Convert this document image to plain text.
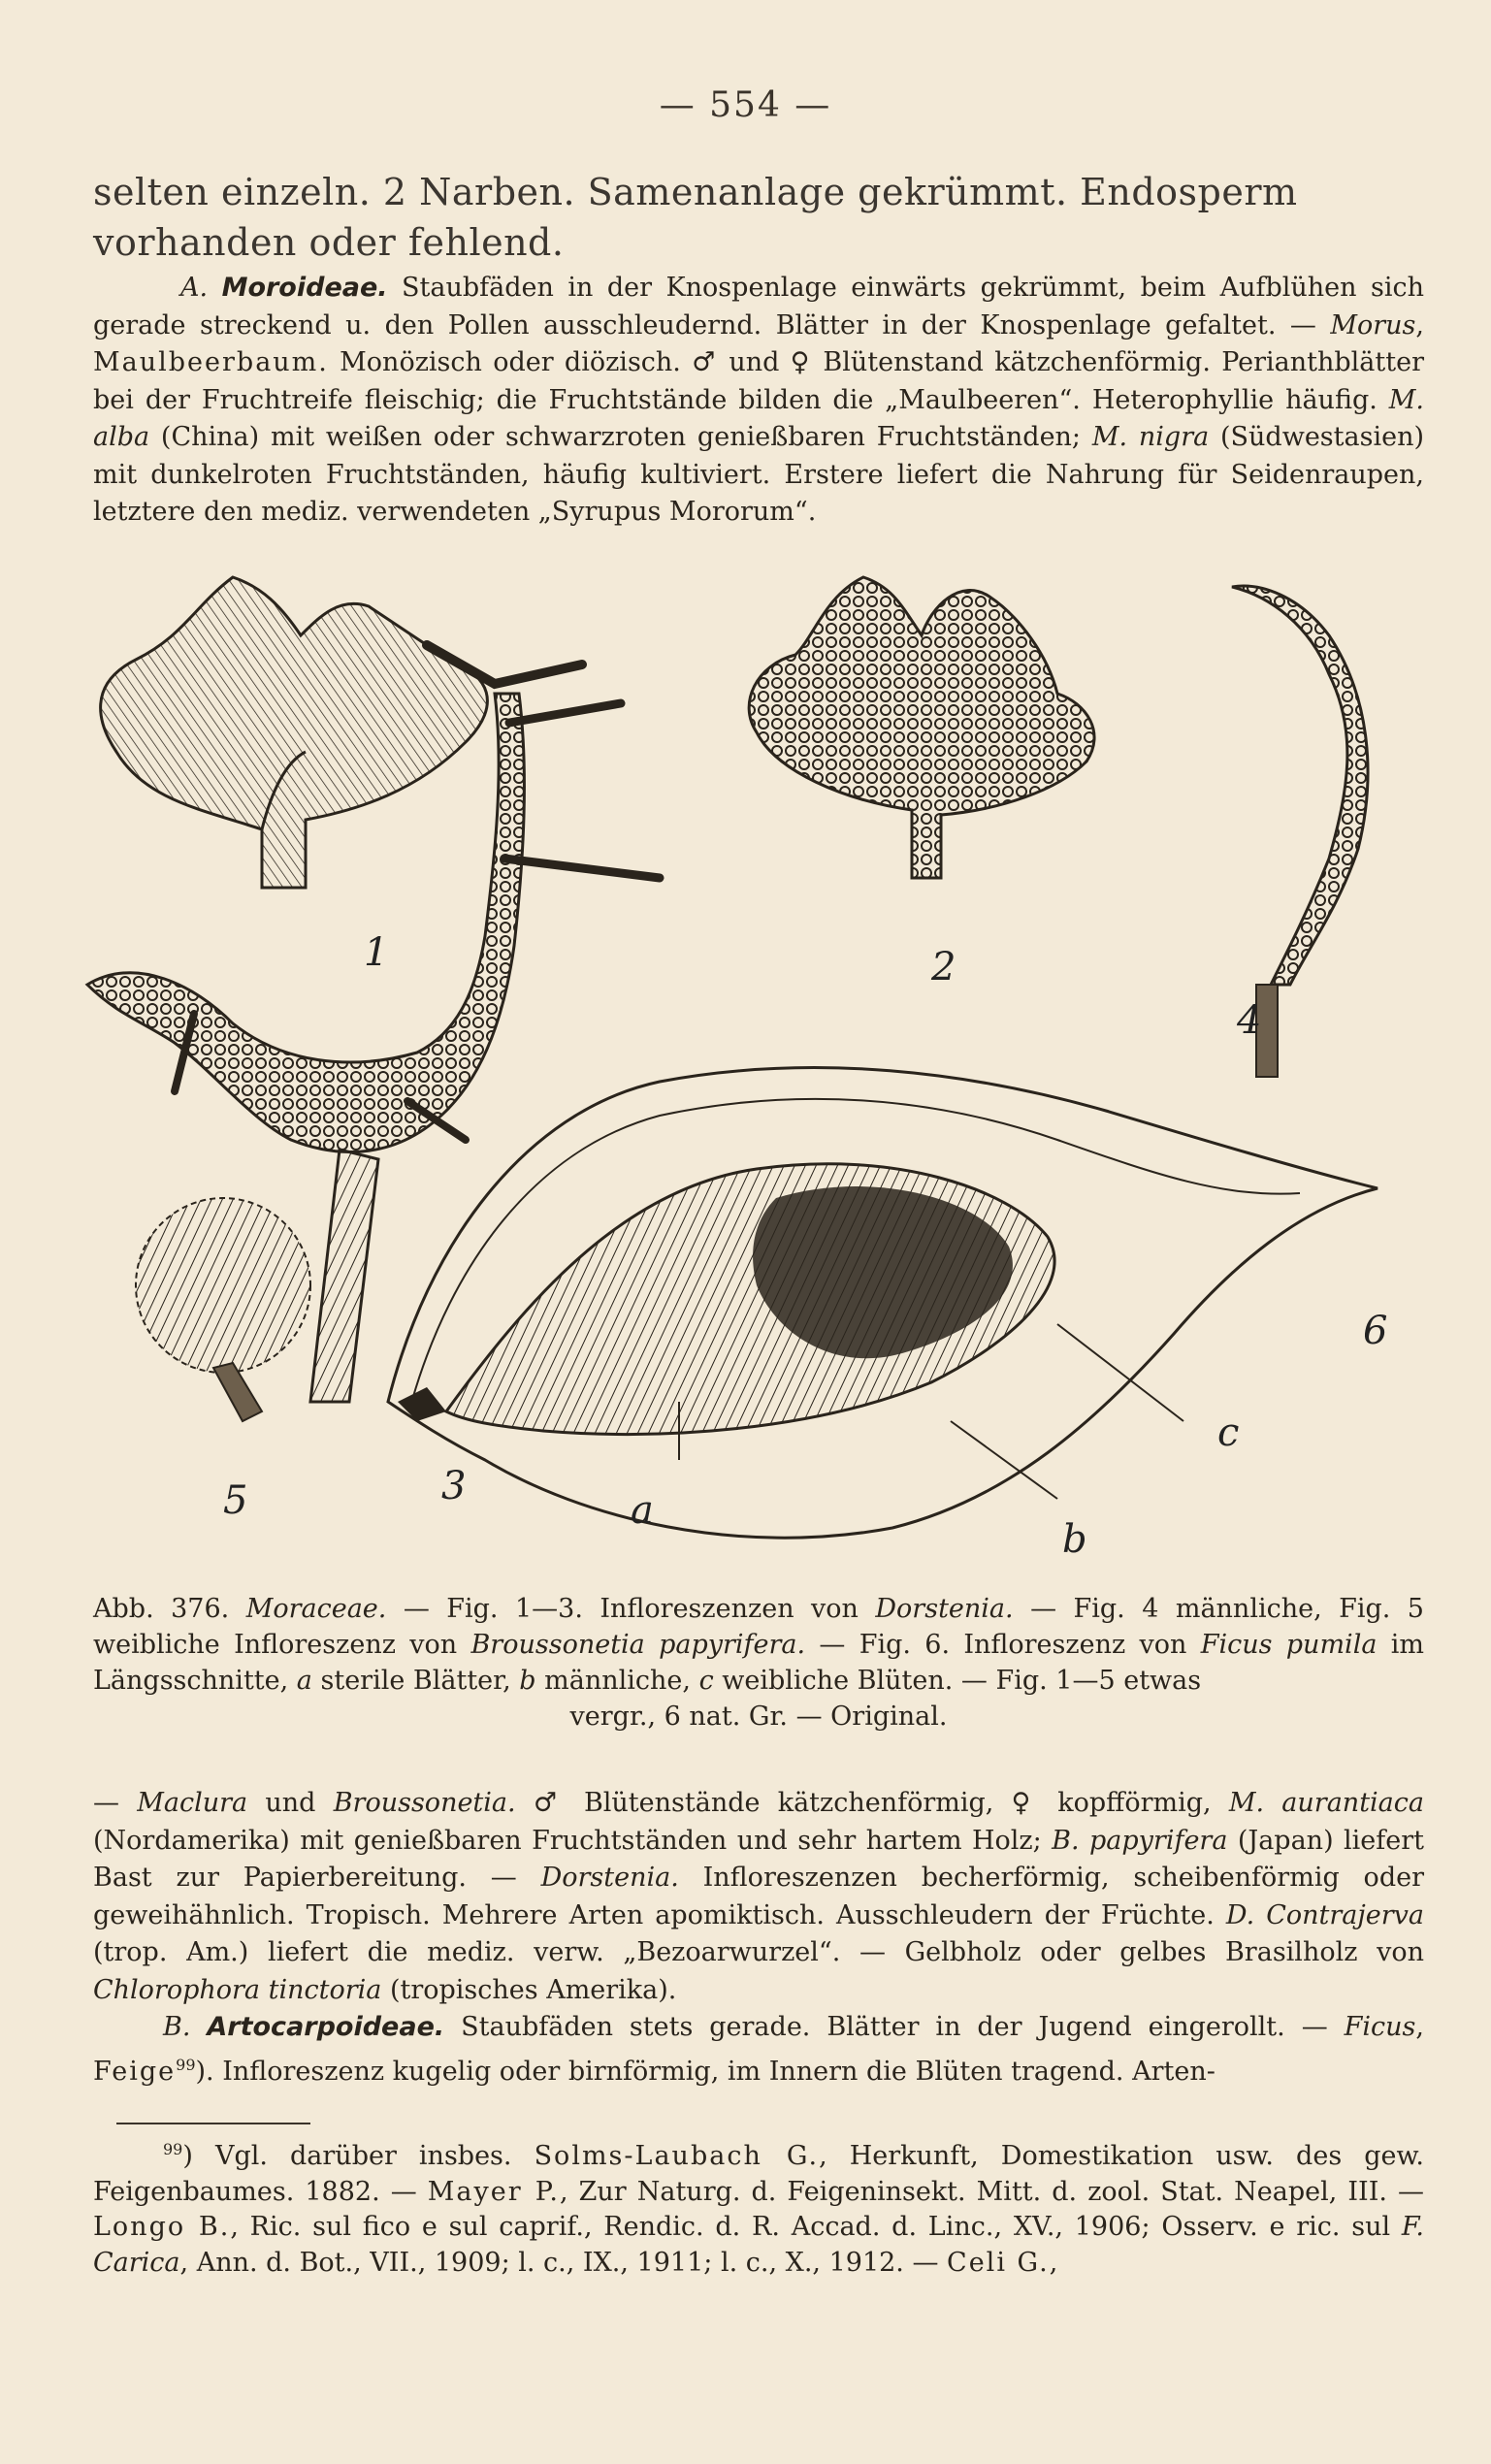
— 554 —
selten einzeln. 2 Narben. Samenanlage gekrümmt. Endosperm vorhanden oder fehlend.
A. Moroideae. Staubfäden in der Knospenlage einwärts gekrümmt, beim Aufblühen sich gerade streckend u. den Pollen ausschleudernd. Blätter in der Knospenlage gefaltet. — Morus, Maulbeerbaum. Monözisch oder diözisch. ♂ und ♀ Blütenstand kätzchenförmig. Perianthblätter bei der Fruchtreife fleischig; die Fruchtstände bilden die „Maulbeeren“. Heterophyllie häufig. M. alba (China) mit weißen oder schwarzroten genießbaren Fruchtständen; M. nigra (Südwestasien) mit dunkelroten Fruchtständen, häufig kultiviert. Erstere liefert die Nahrung für Seidenraupen, letztere den mediz. verwendeten „Syrupus Mororum“.
1	2
3
4
5
6
a
b
c
Abb. 376. Moraceae. — Fig. 1—3. Infloreszenzen von Dorstenia. — Fig. 4 männliche, Fig. 5 weibliche Infloreszenz von Broussonetia papyrifera. — Fig. 6. Infloreszenz von Ficus pumila im Längsschnitte, a sterile Blätter, b männliche, c weibliche Blüten. — Fig. 1—5 etwas
vergr., 6 nat. Gr. — Original.
— Maclura und Broussonetia. ♂ Blütenstände kätzchenförmig, ♀ kopfförmig, M. aurantiaca (Nordamerika) mit genießbaren Fruchtständen und sehr hartem Holz; B. papyrifera (Japan) liefert Bast zur Papierbereitung. — Dorstenia. Infloreszenzen becherförmig, scheibenförmig oder geweihähnlich. Tropisch. Mehrere Arten apomiktisch. Ausschleudern der Früchte. D. Contrajerva (trop. Am.) liefert die mediz. verw. „Bezoarwurzel“. — Gelbholz oder gelbes Brasilholz von Chlorophora tinctoria (tropisches Amerika).
B. Artocarpoideae. Staubfäden stets gerade. Blätter in der Jugend eingerollt. — Ficus, Feige$^{99}$). Infloreszenz kugelig oder birnförmig, im Innern die Blüten tragend. Arten-
$^{99}$) Vgl. darüber insbes. Solms-Laubach G., Herkunft, Domestikation usw. des gew. Feigenbaumes. 1882. — Mayer P., Zur Naturg. d. Feigeninsekt. Mitt. d. zool. Stat. Neapel, III. — Longo B., Ric. sul fico e sul caprif., Rendic. d. R. Accad. d. Linc., XV., 1906; Osserv. e ric. sul F. Carica, Ann. d. Bot., VII., 1909; l. c., IX., 1911; l. c., X., 1912. — Celi G.,
